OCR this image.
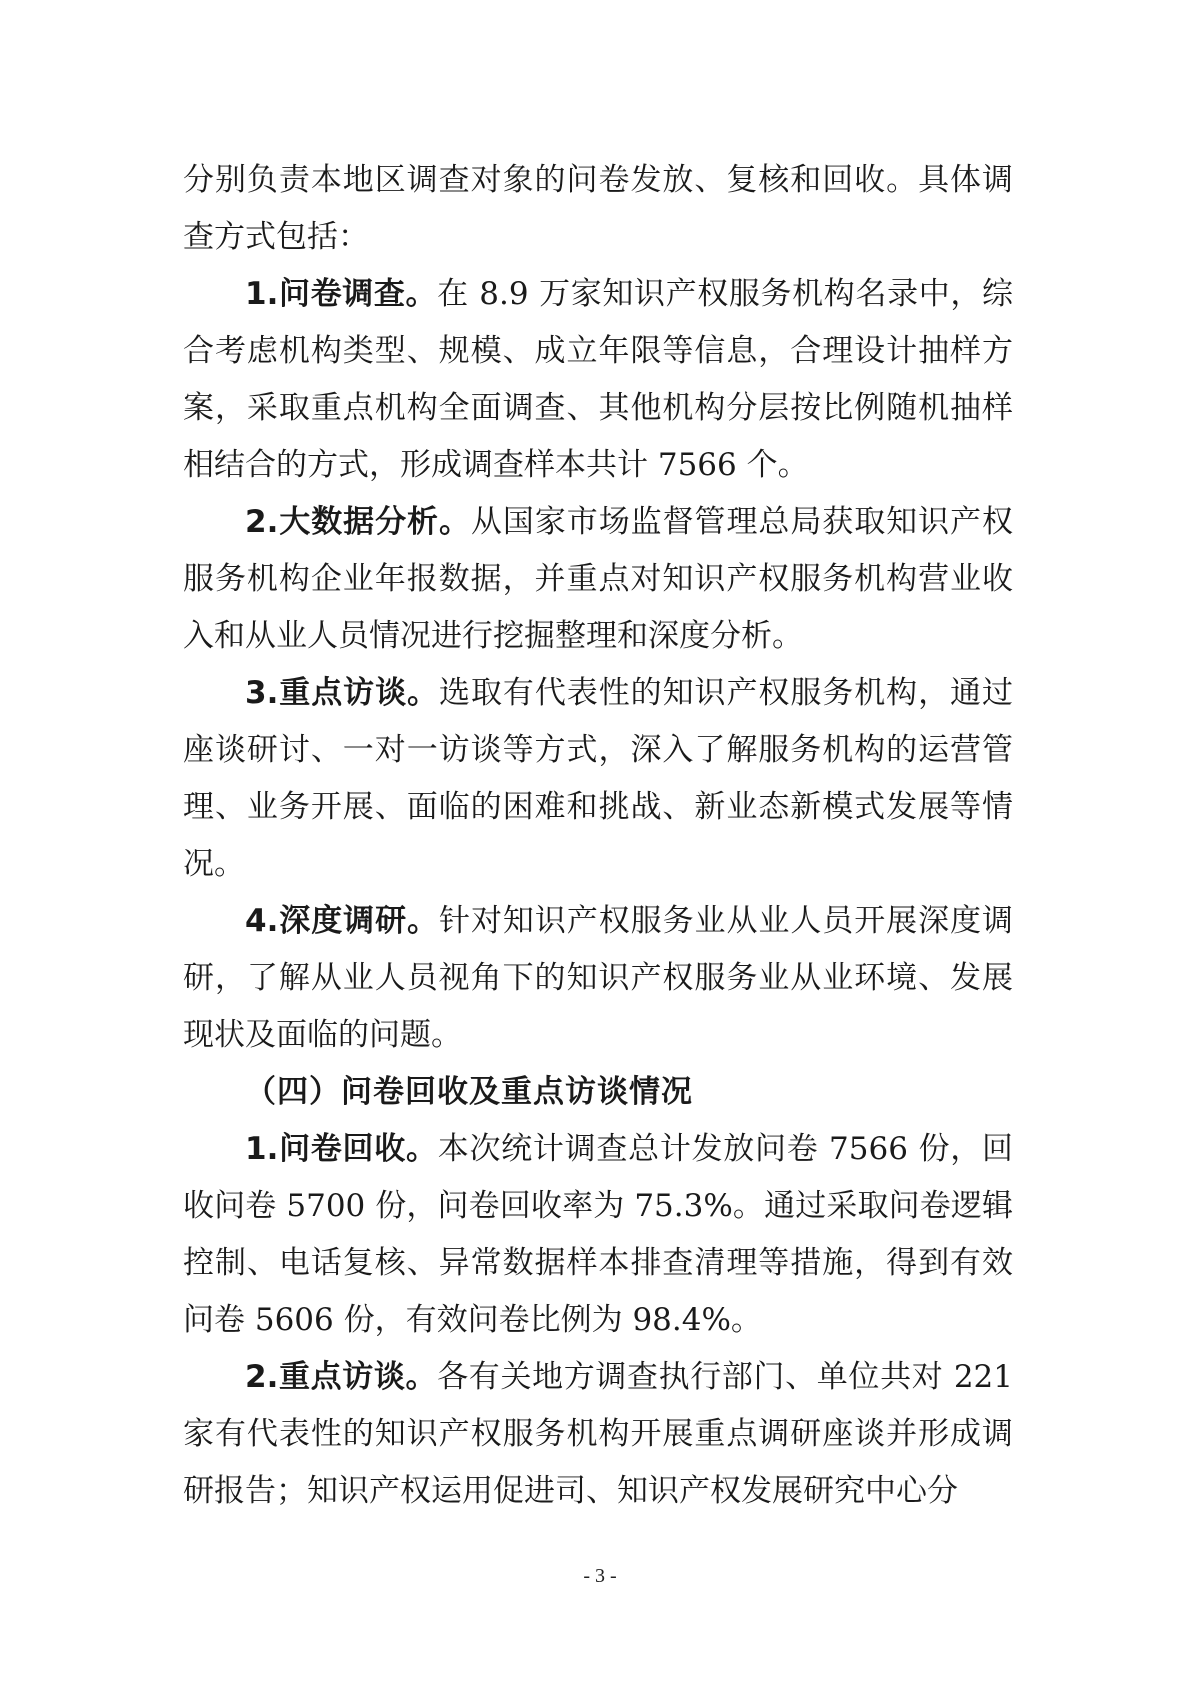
分别负责本地区调查对象的问卷发放、复核和回收。具体调查方式包括：

1.问卷调查。在 8.9 万家知识产权服务机构名录中，综合考虑机构类型、规模、成立年限等信息，合理设计抽样方案，采取重点机构全面调查、其他机构分层按比例随机抽样相结合的方式，形成调查样本共计 7566 个。

2.大数据分析。从国家市场监督管理总局获取知识产权服务机构企业年报数据，并重点对知识产权服务机构营业收入和从业人员情况进行挖掘整理和深度分析。

3.重点访谈。选取有代表性的知识产权服务机构，通过座谈研讨、一对一访谈等方式，深入了解服务机构的运营管理、业务开展、面临的困难和挑战、新业态新模式发展等情况。

4.深度调研。针对知识产权服务业从业人员开展深度调研，了解从业人员视角下的知识产权服务业从业环境、发展现状及面临的问题。

（四）问卷回收及重点访谈情况

1.问卷回收。本次统计调查总计发放问卷 7566 份，回收问卷 5700 份，问卷回收率为 75.3%。通过采取问卷逻辑控制、电话复核、异常数据样本排查清理等措施，得到有效问卷 5606 份，有效问卷比例为 98.4%。

2.重点访谈。各有关地方调查执行部门、单位共对 221 家有代表性的知识产权服务机构开展重点调研座谈并形成调研报告；知识产权运用促进司、知识产权发展研究中心分

- 3 -
